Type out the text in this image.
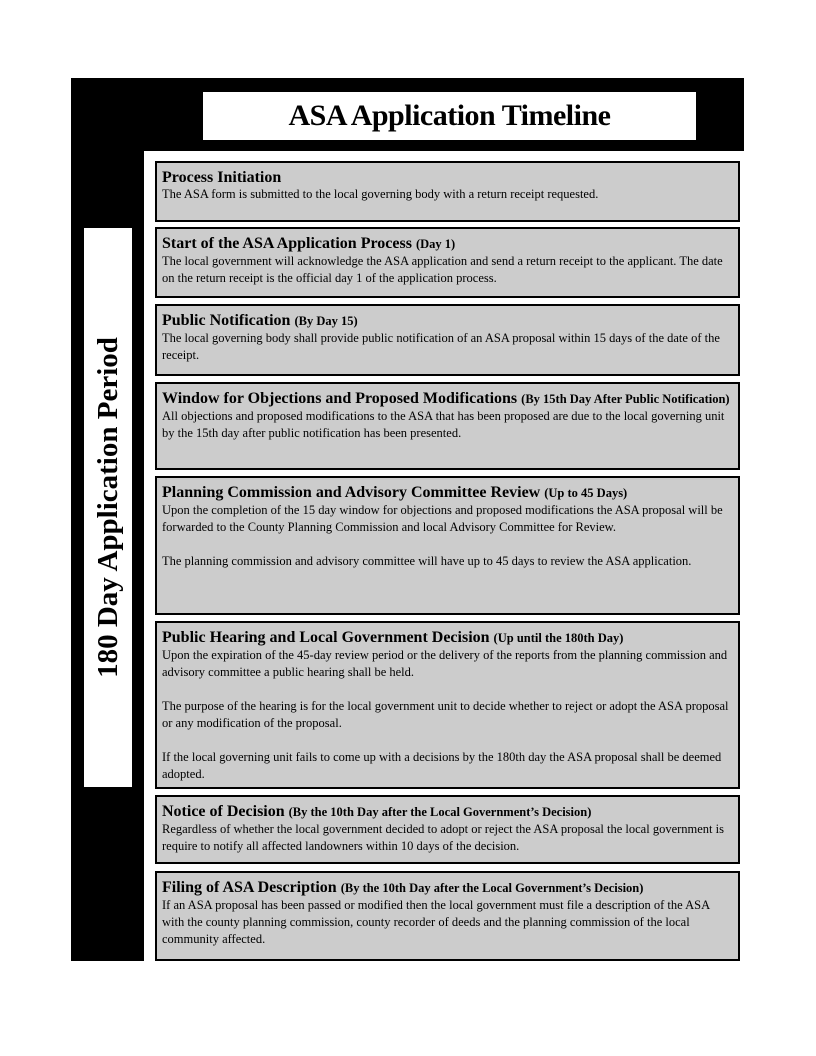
ASA Application Timeline
180 Day Application Period
Process Initiation

The ASA form is submitted to the local governing body with a return receipt requested.

Start of the ASA Application Process (Day 1)

The local government will acknowledge the ASA application and send a return receipt to the applicant. The date on the return receipt is the official day 1 of the application process.

Public Notification (By Day 15)

The local governing body shall provide public notification of an ASA proposal within 15 days of the date of the receipt.

Window for Objections and Proposed Modifications (By 15th Day After Public Notification)

All objections and proposed modifications to the ASA that has been proposed are due to the local governing unit by the 15th day after public notification has been presented.

Planning Commission and Advisory Committee Review (Up to 45 Days)

Upon the completion of the 15 day window for objections and proposed modifications the ASA proposal will be forwarded to the County Planning Commission and local Advisory Committee for Review.

The planning commission and advisory committee will have up to 45 days to review the ASA application.

Public Hearing and Local Government Decision (Up until the 180th Day)

Upon the expiration of the 45-day review period or the delivery of the reports from the planning commission and advisory committee a public hearing shall be held.

The purpose of the hearing is for the local government unit to decide whether to reject or adopt the ASA proposal or any modification of the proposal.

If the local governing unit fails to come up with a decisions by the 180th day the ASA proposal shall be deemed adopted.

Notice of Decision (By the 10th Day after the Local Government’s Decision)

Regardless of whether the local government decided to adopt or reject the ASA proposal the local government is require to notify all affected landowners within 10 days of the decision.

Filing of ASA Description (By the 10th Day after the Local Government’s Decision)

If an ASA proposal has been passed or modified then the local government must file a description of the ASA with the county planning commission, county recorder of deeds and the planning commission of the local community affected.
